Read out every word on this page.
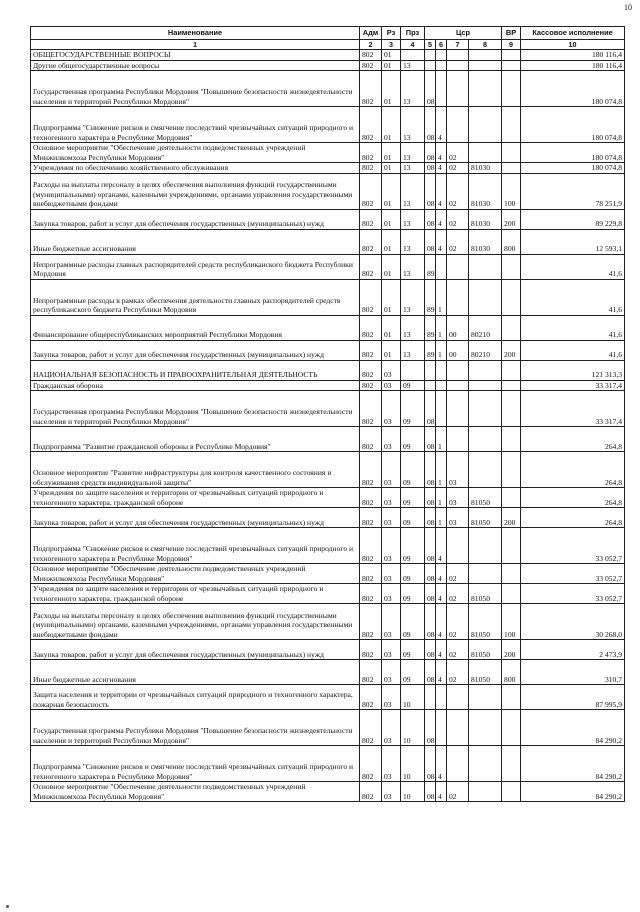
10
Наименование	Адм	Рз	Прз	Цср				ВР	Кассовое исполнение
1	2	3	4	5	6	7	8	9	10
ОБЩЕГОСУДАРСТВЕННЫЕ ВОПРОСЫ	802	01							180 116,4
Другие общегосударственные вопросы	802	01	13						180 116,4
Государственная программа Республики Мордовия "Повышение безопасности жизнедеятельности населения и территорий Республики Мордовия"	802	01	13	08					180 074,8
Подпрограмма "Снижение рисков и смягчение последствий чрезвычайных ситуаций природного и техногенного характера в Республике Мордовия"	802	01	13	08	4				180 074,8
Основное мероприятие "Обеспечение деятельности подведомственных учреждений Минжилкомхоза Республики Мордовия"	802	01	13	08	4	02			180 074,8
Учреждения по обеспечению хозяйственного обслуживания	802	01	13	08	4	02	81030		180 074,8
Расходы на выплаты персоналу в целях обеспечения выполнения функций государственными (муниципальными) органами, казенными учреждениями, органами управления государственными внебюджетными фондами	802	01	13	08	4	02	81030	100	78 251,9
Закупка товаров, работ и услуг для обеспечения государственных (муниципальных) нужд	802	01	13	08	4	02	81030	200	89 229,8
Иные бюджетные ассигнования	802	01	13	08	4	02	81030	800	12 593,1
Непрограммные расходы главных распорядителей средств республиканского бюджета Республики Мордовия	802	01	13	89					41,6
Непрограммные расходы в рамках обеспечения деятельности главных распорядителей средств республиканского бюджета Республики Мордовия	802	01	13	89	1				41,6
Финансирование общереспубликанских мероприятий Республики Мордовия	802	01	13	89	1	00	80210		41,6
Закупка товаров, работ и услуг для обеспечения государственных (муниципальных) нужд	802	01	13	89	1	00	80210	200	41,6
НАЦИОНАЛЬНАЯ БЕЗОПАСНОСТЬ И ПРАВООХРАНИТЕЛЬНАЯ ДЕЯТЕЛЬНОСТЬ	802	03							121 313,3
Гражданская оборона	802	03	09						33 317,4
Государственная программа Республики Мордовия "Повышение безопасности жизнедеятельности населения и территорий Республики Мордовия"	802	03	09	08					33 317,4
Подпрограмма "Развитие гражданской обороны в Республике Мордовия"	802	03	09	08	1				264,8
Основное мероприятие "Развитие инфраструктуры для контроля качественного состояния и обслуживания средств индивидуальной защиты"	802	03	09	08	1	03			264,8
Учреждения по защите населения и территории от чрезвычайных ситуаций природного и техногенного характера, гражданской обороне	802	03	09	08	1	03	81050		264,8
Закупка товаров, работ и услуг для обеспечения государственных (муниципальных) нужд	802	03	09	08	1	03	81050	200	264,8
Подпрограмма "Снижение рисков и смягчение последствий чрезвычайных ситуаций природного и техногенного характера в Республике Мордовия"	802	03	09	08	4				33 052,7
Основное мероприятие "Обеспечение деятельности подведомственных учреждений Минжилкомхоза Республики Мордовия"	802	03	09	08	4	02			33 052,7
Учреждения по защите населения и территории от чрезвычайных ситуаций природного и техногенного характера, гражданской обороне	802	03	09	08	4	02	81050		33 052,7
Расходы на выплаты персоналу в целях обеспечения выполнения функций государственными (муниципальными) органами, казенными учреждениями, органами управления государственными внебюджетными фондами	802	03	09	08	4	02	81050	100	30 268,0
Закупка товаров, работ и услуг для обеспечения государственных (муниципальных) нужд	802	03	09	08	4	02	81050	200	2 473,9
Иные бюджетные ассигнования	802	03	09	08	4	02	81050	800	310,7
Защита населения и территории от чрезвычайных ситуаций природного и техногенного характера, пожарная безопасность	802	03	10						87 995,9
Государственная программа Республики Мордовия "Повышение безопасности жизнедеятельности населения и территорий Республики Мордовия"	802	03	10	08					84 290,2
Подпрограмма "Снижение рисков и смягчение последствий чрезвычайных ситуаций природного и техногенного характера в Республике Мордовия"	802	03	10	08	4				84 290,2
Основное мероприятие "Обеспечение деятельности подведомственных учреждений Минжилкомхоза Республики Мордовия"	802	03	10	08	4	02			84 290,2
